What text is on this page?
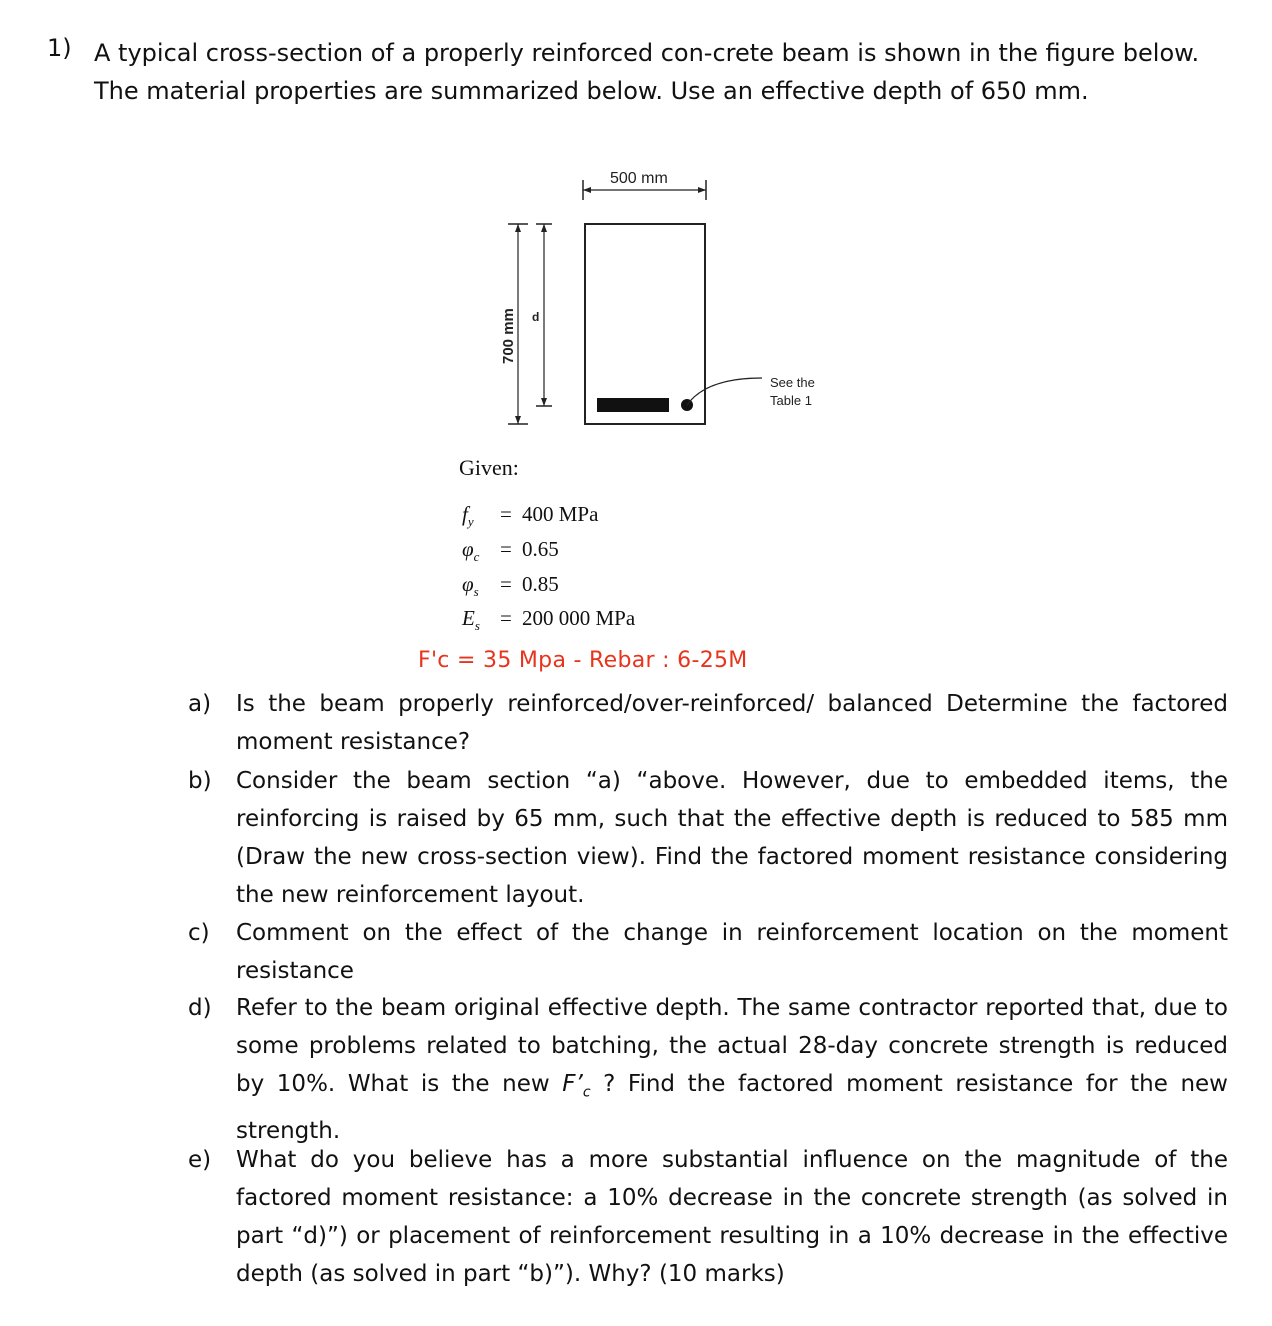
1) A typical cross-section of a properly reinforced con-crete beam is shown in the figure below. The material properties are summarized below. Use an effective depth of 650 mm.
500 mm
See the
Table 1
700 mm d
Given:
$f_y = 400$ MPa
$\varphi_c = 0.65$
$\varphi_s = 0.85$
$E_s = 200$ 000 MPa
F'c = 35 Mpa - Rebar : 6-25M
a)	Is the beam properly reinforced/over-reinforced/ balanced Determine the factored moment resistance?
b)	Consider the beam section “a) “above. However, due to embedded items, the reinforcing is raised by 65 mm, such that the effective depth is reduced to 585 mm (Draw the new cross-section view). Find the factored moment resistance considering the new reinforcement layout.
c)	Comment on the effect of the change in reinforcement location on the moment resistance
d)	Refer to the beam original effective depth. The same contractor reported that, due to some problems related to batching, the actual 28-day concrete strength is reduced by 10%. What is the new $F’_c$ ? Find the factored moment resistance for the new strength.
e)	What do you believe has a more substantial influence on the magnitude of the factored moment resistance: a 10% decrease in the concrete strength (as solved in part “d)”) or placement of reinforcement resulting in a 10% decrease in the effective depth (as solved in part “b)”). Why? (10 marks)
